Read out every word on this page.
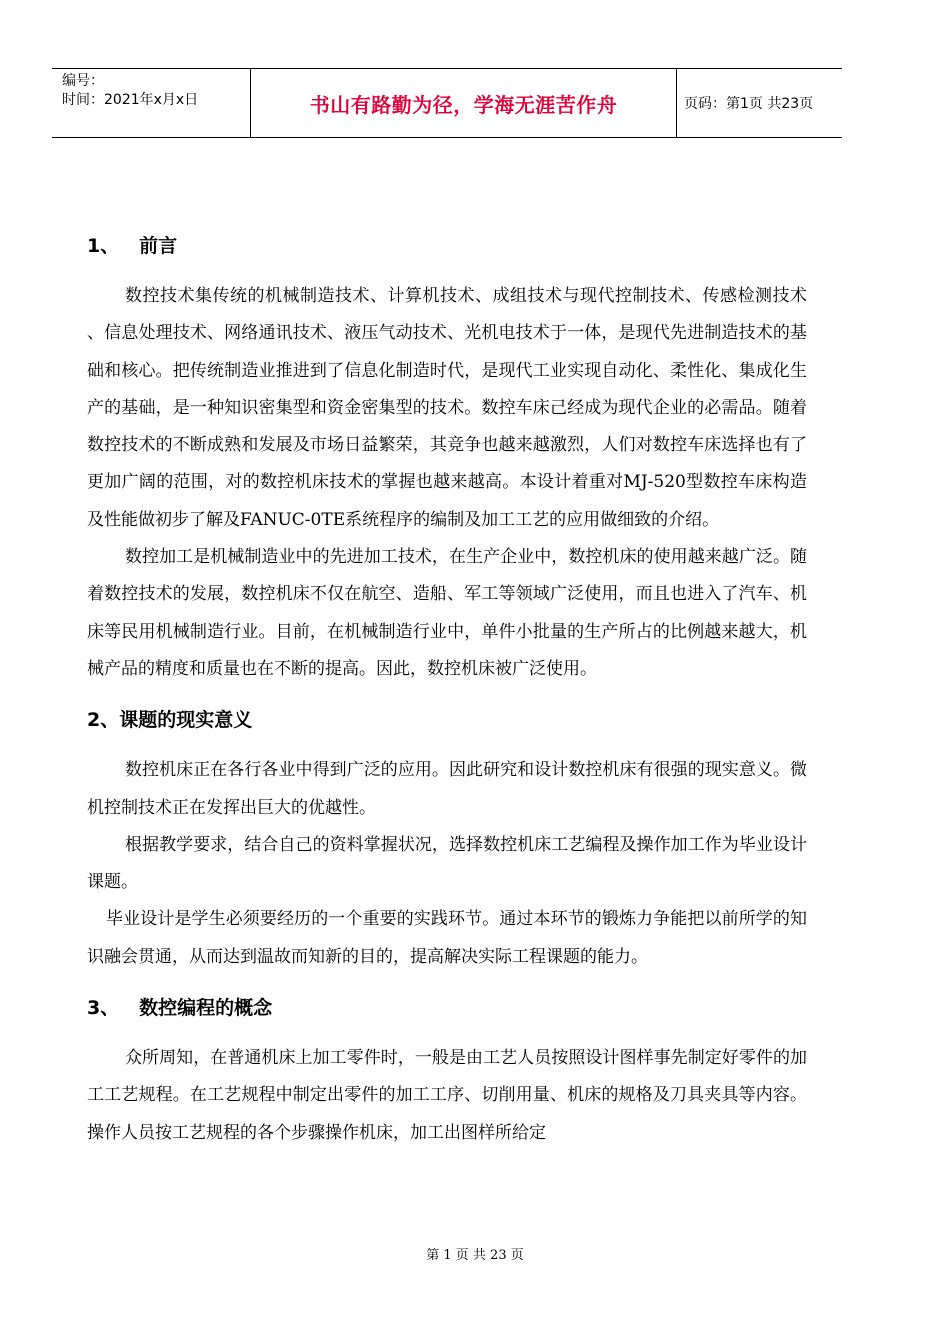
编号：
时间：2021年x月x日	书山有路勤为径，学海无涯苦作舟	页码：第1页 共23页
1、 前言

数控技术集传统的机械制造技术、计算机技术、成组技术与现代控制技术、传感检测技术 、信息处理技术、网络通讯技术、液压气动技术、光机电技术于一体，是现代先进制造技术的基础和核心。把传统制造业推进到了信息化制造时代，是现代工业实现自动化、柔性化、集成化生产的基础，是一种知识密集型和资金密集型的技术。数控车床己经成为现代企业的必需品。随着数控技术的不断成熟和发展及市场日益繁荣，其竞争也越来越激烈，人们对数控车床选择也有了更加广阔的范围，对的数控机床技术的掌握也越来越高。本设计着重对MJ-520型数控车床构造及性能做初步了解及FANUC-0TE系统程序的编制及加工工艺的应用做细致的介绍。

数控加工是机械制造业中的先进加工技术，在生产企业中，数控机床的使用越来越广泛。随着数控技术的发展，数控机床不仅在航空、造船、军工等领域广泛使用，而且也进入了汽车、机床等民用机械制造行业。目前，在机械制造行业中，单件小批量的生产所占的比例越来越大，机械产品的精度和质量也在不断的提高。因此，数控机床被广泛使用。

2、课题的现实意义

数控机床正在各行各业中得到广泛的应用。因此研究和设计数控机床有很强的现实意义。微机控制技术正在发挥出巨大的优越性。

根据教学要求，结合自己的资料掌握状况，选择数控机床工艺编程及操作加工作为毕业设计课题。

毕业设计是学生必须要经历的一个重要的实践环节。通过本环节的锻炼力争能把以前所学的知识融会贯通，从而达到温故而知新的目的，提高解决实际工程课题的能力。

3、 数控编程的概念

众所周知，在普通机床上加工零件时，一般是由工艺人员按照设计图样事先制定好零件的加工工艺规程。在工艺规程中制定出零件的加工工序、切削用量、机床的规格及刀具夹具等内容。操作人员按工艺规程的各个步骤操作机床，加工出图样所给定

第 1 页 共 23 页
